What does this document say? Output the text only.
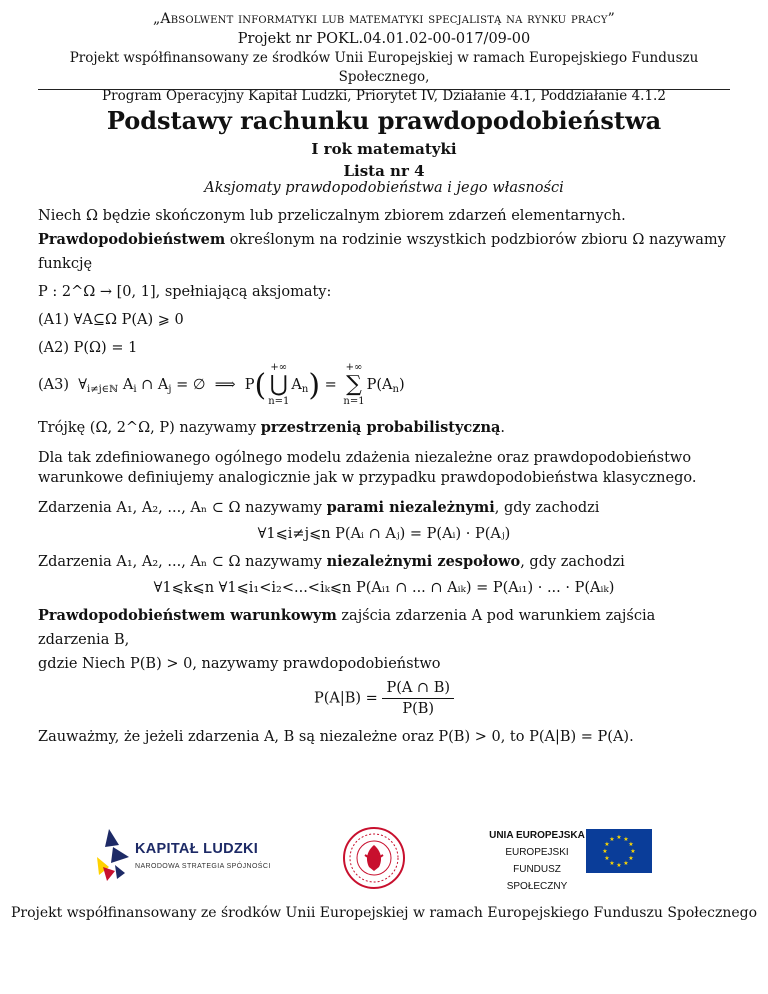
„Absolwent informatyki lub matematyki specjalistą na rynku pracy”
Projekt nr POKL.04.01.02-00-017/09-00
Projekt współfinansowany ze środków Unii Europejskiej w ramach Europejskiego Funduszu Społecznego,
Program Operacyjny Kapitał Ludzki, Priorytet IV, Działanie 4.1, Poddziałanie 4.1.2
Podstawy rachunku prawdopodobieństwa
I rok matematyki
Lista nr 4
Aksjomaty prawdopodobieństwa i jego własności

Niech Ω będzie skończonym lub przeliczalnym zbiorem zdarzeń elementarnych.

Prawdopodobieństwem określonym na rodzinie wszystkich podzbiorów zbioru Ω nazywamy funkcję

P : 2^Ω → [0, 1], spełniającą aksjomaty:

(A1) ∀A⊆Ω P(A) ⩾ 0

(A2) P(Ω) = 1

(A3)  $\forall_{i\ne j\in ℕ}$ $A_i$ ∩ $A_j$ = ∅  ⟹  P(
+∞
⋃
n=1
$A_n$) =
+∞
∑
n=1
$P(A_n)$

Trójkę (Ω, 2^Ω, P) nazywamy przestrzenią probabilistyczną.

Dla tak zdefiniowanego ogólnego modelu zdażenia niezależne oraz prawdopodobieństwo warunkowe definiujemy analogicznie jak w przypadku prawdopodobieństwa klasycznego.

Zdarzenia A₁, A₂, ..., Aₙ ⊂ Ω nazywamy parami niezależnymi, gdy zachodzi

∀1⩽i≠j⩽n P(Aᵢ ∩ Aⱼ) = P(Aᵢ) · P(Aⱼ)

Zdarzenia A₁, A₂, ..., Aₙ ⊂ Ω nazywamy niezależnymi zespołowo, gdy zachodzi

∀1⩽k⩽n ∀1⩽i₁<i₂<...<iₖ⩽n P(Aᵢ₁ ∩ ... ∩ Aᵢₖ) = P(Aᵢ₁) · ... · P(Aᵢₖ)

Prawdopodobieństwem warunkowym zajścia zdarzenia A pod warunkiem zajścia zdarzenia B,

gdzie Niech P(B) > 0, nazywamy prawdopodobieństwo

$P(A|B) = \frac{P(A \cap B)}{P(B)}$

Zauważmy, że jeżeli zdarzenia A, B są niezależne oraz P(B) > 0, to P(A|B) = P(A).

KAPITAŁ LUDZKI
NARODOWA STRATEGIA SPÓJNOŚCI
UNIA EUROPEJSKA
EUROPEJSKI
FUNDUSZ SPOŁECZNY
★ ★
★
★
★
★
★
★
★
★
★
★
Projekt współfinansowany ze środków Unii Europejskiej w ramach Europejskiego Funduszu Społecznego
